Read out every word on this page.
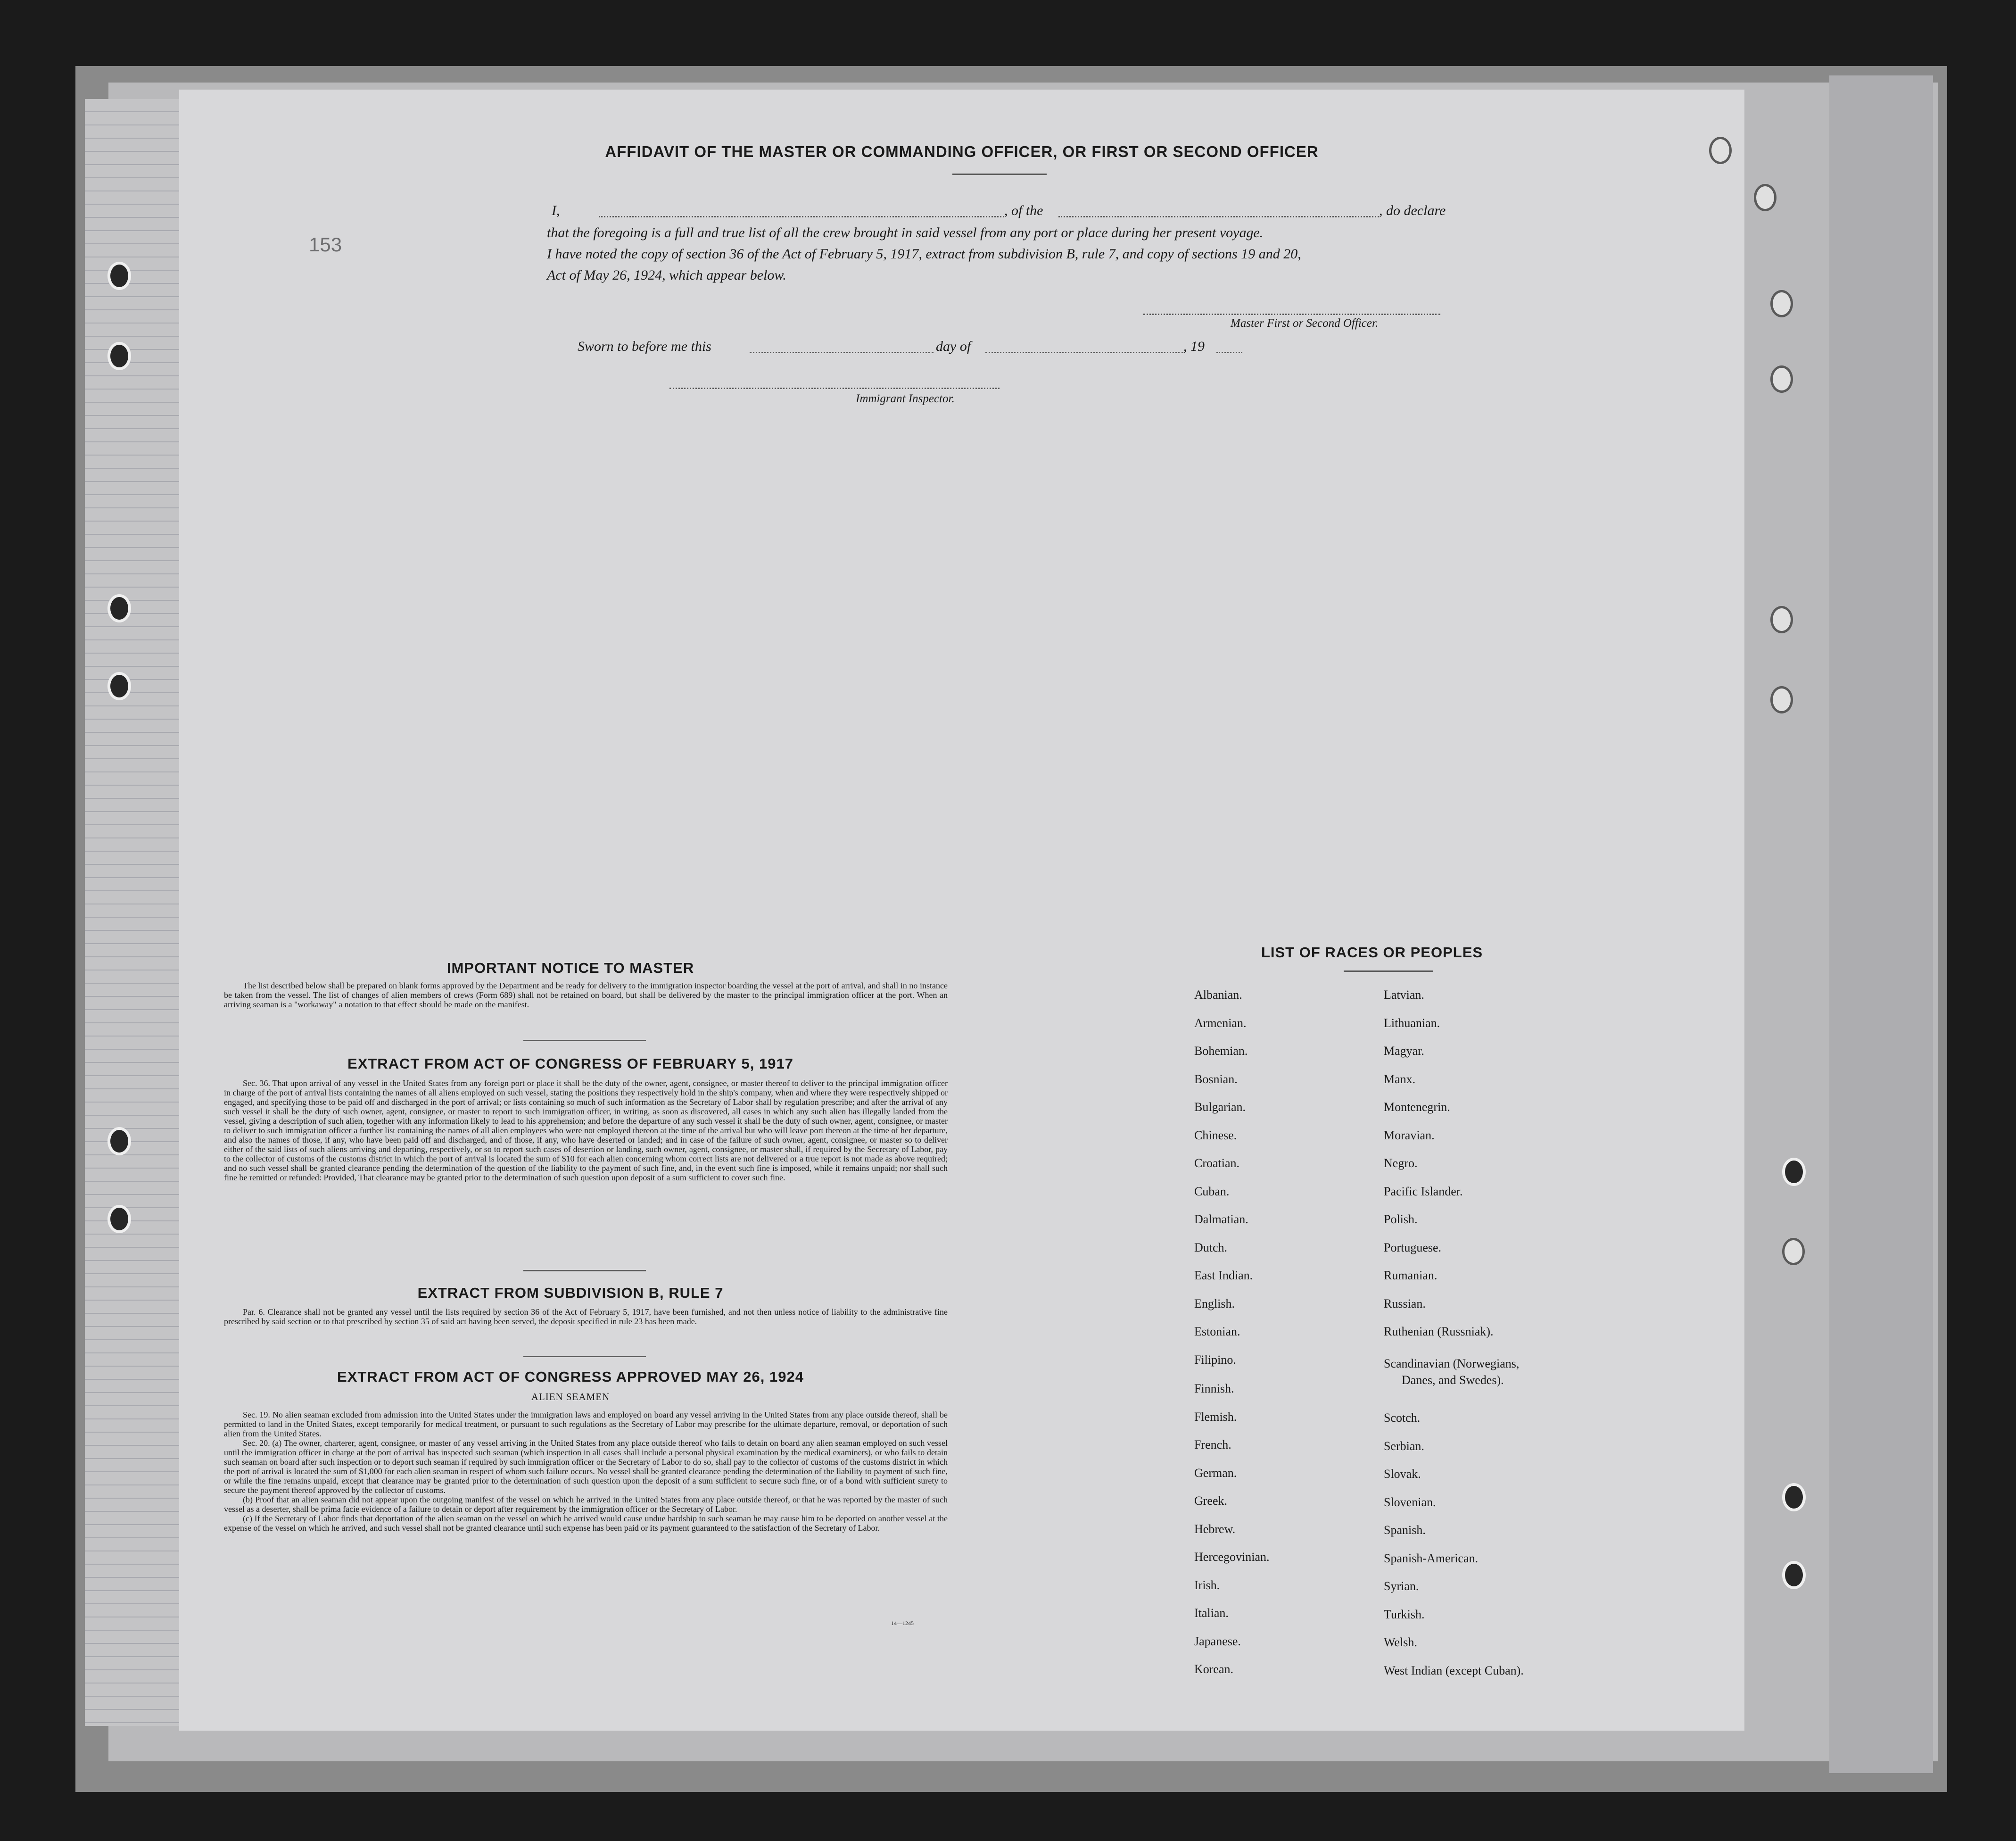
AFFIDAVIT OF THE MASTER OR COMMANDING OFFICER, OR FIRST OR SECOND OFFICER
I,	, of the	, do declare
that the foregoing is a full and true list of all the crew brought in said vessel from any port or place during her present voyage.
I have noted the copy of section 36 of the Act of February 5, 1917, extract from subdivision B, rule 7, and copy of sections 19 and 20,
Act of May 26, 1924, which appear below.
153
Master First or Second Officer.
Sworn to before me this	day of	, 19
Immigrant Inspector.
IMPORTANT NOTICE TO MASTER

The list described below shall be prepared on blank forms approved by the Department and be ready for delivery to the immigration inspector boarding the vessel at the port of arrival, and shall in no instance be taken from the vessel. The list of changes of alien members of crews (Form 689) shall not be retained on board, but shall be delivered by the master to the principal immigration officer at the port. When an arriving seaman is a "workaway" a notation to that effect should be made on the manifest.

EXTRACT FROM ACT OF CONGRESS OF FEBRUARY 5, 1917

Sec. 36. That upon arrival of any vessel in the United States from any foreign port or place it shall be the duty of the owner, agent, consignee, or master thereof to deliver to the principal immigration officer in charge of the port of arrival lists containing the names of all aliens employed on such vessel, stating the positions they respectively hold in the ship's company, when and where they were respectively shipped or engaged, and specifying those to be paid off and discharged in the port of arrival; or lists containing so much of such information as the Secretary of Labor shall by regulation prescribe; and after the arrival of any such vessel it shall be the duty of such owner, agent, consignee, or master to report to such immigration officer, in writing, as soon as discovered, all cases in which any such alien has illegally landed from the vessel, giving a description of such alien, together with any information likely to lead to his apprehension; and before the departure of any such vessel it shall be the duty of such owner, agent, consignee, or master to deliver to such immigration officer a further list containing the names of all alien employees who were not employed thereon at the time of the arrival but who will leave port thereon at the time of her departure, and also the names of those, if any, who have been paid off and discharged, and of those, if any, who have deserted or landed; and in case of the failure of such owner, agent, consignee, or master so to deliver either of the said lists of such aliens arriving and departing, respectively, or so to report such cases of desertion or landing, such owner, agent, consignee, or master shall, if required by the Secretary of Labor, pay to the collector of customs of the customs district in which the port of arrival is located the sum of $10 for each alien concerning whom correct lists are not delivered or a true report is not made as above required; and no such vessel shall be granted clearance pending the determination of the question of the liability to the payment of such fine, and, in the event such fine is imposed, while it remains unpaid; nor shall such fine be remitted or refunded: Provided, That clearance may be granted prior to the determination of such question upon deposit of a sum sufficient to cover such fine.

EXTRACT FROM SUBDIVISION B, RULE 7

Par. 6. Clearance shall not be granted any vessel until the lists required by section 36 of the Act of February 5, 1917, have been furnished, and not then unless notice of liability to the administrative fine prescribed by said section or to that prescribed by section 35 of said act having been served, the deposit specified in rule 23 has been made.

EXTRACT FROM ACT OF CONGRESS APPROVED MAY 26, 1924
ALIEN SEAMEN

Sec. 19. No alien seaman excluded from admission into the United States under the immigration laws and employed on board any vessel arriving in the United States from any place outside thereof, shall be permitted to land in the United States, except temporarily for medical treatment, or pursuant to such regulations as the Secretary of Labor may prescribe for the ultimate departure, removal, or deportation of such alien from the United States.

Sec. 20. (a) The owner, charterer, agent, consignee, or master of any vessel arriving in the United States from any place outside thereof who fails to detain on board any alien seaman employed on such vessel until the immigration officer in charge at the port of arrival has inspected such seaman (which inspection in all cases shall include a personal physical examination by the medical examiners), or who fails to detain such seaman on board after such inspection or to deport such seaman if required by such immigration officer or the Secretary of Labor to do so, shall pay to the collector of customs of the customs district in which the port of arrival is located the sum of $1,000 for each alien seaman in respect of whom such failure occurs. No vessel shall be granted clearance pending the determination of the liability to payment of such fine, or while the fine remains unpaid, except that clearance may be granted prior to the determination of such question upon the deposit of a sum sufficient to secure such fine, or of a bond with sufficient surety to secure the payment thereof approved by the collector of customs.

(b) Proof that an alien seaman did not appear upon the outgoing manifest of the vessel on which he arrived in the United States from any place outside thereof, or that he was reported by the master of such vessel as a deserter, shall be prima facie evidence of a failure to detain or deport after requirement by the immigration officer or the Secretary of Labor.

(c) If the Secretary of Labor finds that deportation of the alien seaman on the vessel on which he arrived would cause undue hardship to such seaman he may cause him to be deported on another vessel at the expense of the vessel on which he arrived, and such vessel shall not be granted clearance until such expense has been paid or its payment guaranteed to the satisfaction of the Secretary of Labor.

14—1245
LIST OF RACES OR PEOPLES
Albanian.
Armenian.
Bohemian.
Bosnian.
Bulgarian.
Chinese.
Croatian.
Cuban.
Dalmatian.
Dutch.
East Indian.
English.
Estonian.
Filipino.
Finnish.
Flemish.
French.
German.
Greek.
Hebrew.
Hercegovinian.
Irish.
Italian.
Japanese.
Korean.
Latvian.
Lithuanian.
Magyar.
Manx.
Montenegrin.
Moravian.
Negro.
Pacific Islander.
Polish.
Portuguese.
Rumanian.
Russian.
Ruthenian (Russniak).
Scandinavian (Norwegians,
Danes, and Swedes).
Scotch.
Serbian.
Slovak.
Slovenian.
Spanish.
Spanish-American.
Syrian.
Turkish.
Welsh.
West Indian (except Cuban).
